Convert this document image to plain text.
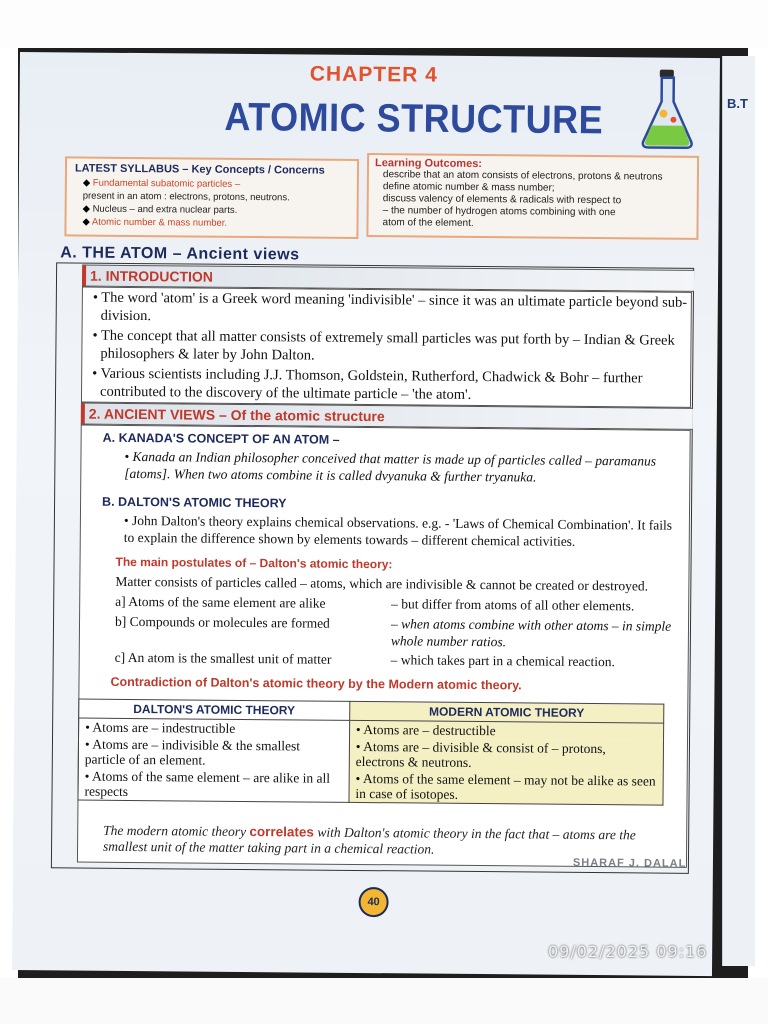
B.T
CHAPTER 4
ATOMIC STRUCTURE
LATEST SYLLABUS – Key Concepts / Concerns
◆ Fundamental subatomic particles –
present in an atom : electrons, protons, neutrons.
◆ Nucleus – and extra nuclear parts.
◆ Atomic number & mass number.
Learning Outcomes:
describe that an atom consists of electrons, protons & neutrons
define atomic number & mass number;
discuss valency of elements & radicals with respect to
– the number of hydrogen atoms combining with one
atom of the element.
A. THE ATOM – Ancient views
1. INTRODUCTION

• The word 'atom' is a Greek word meaning 'indivisible' – since it was an ultimate particle beyond sub-division.

• The concept that all matter consists of extremely small particles was put forth by – Indian & Greek philosophers & later by John Dalton.

• Various scientists including J.J. Thomson, Goldstein, Rutherford, Chadwick & Bohr – further contributed to the discovery of the ultimate particle – 'the atom'.

2. ANCIENT VIEWS – Of the atomic structure
A. KANADA'S CONCEPT OF AN ATOM –
• Kanada an Indian philosopher conceived that matter is made up of particles called – paramanus [atoms]. When two atoms combine it is called dvyanuka & further tryanuka.
B. DALTON'S ATOMIC THEORY
• John Dalton's theory explains chemical observations. e.g. - 'Laws of Chemical Combination'. It fails to explain the difference shown by elements towards – different chemical activities.
The main postulates of – Dalton's atomic theory:
Matter consists of particles called – atoms, which are indivisible & cannot be created or destroyed.
a] Atoms of the same element are alike	– but differ from atoms of all other elements.
b] Compounds or molecules are formed	– when atoms combine with other atoms – in simple whole number ratios.
c] An atom is the smallest unit of matter	– which takes part in a chemical reaction.
Contradiction of Dalton's atomic theory by the Modern atomic theory.
DALTON'S ATOMIC THEORY	MODERN ATOMIC THEORY
• Atoms are – indestructible	• Atoms are – destructible
• Atoms are – indivisible & the smallest particle of an element.	• Atoms are – divisible & consist of – protons, electrons & neutrons.
• Atoms of the same element – are alike in all respects	• Atoms of the same element – may not be alike as seen in case of isotopes.
The modern atomic theory correlates with Dalton's atomic theory in the fact that – atoms are the smallest unit of the matter taking part in a chemical reaction.
SHARAF J. DALAL
40
09/02/2025 09:16
